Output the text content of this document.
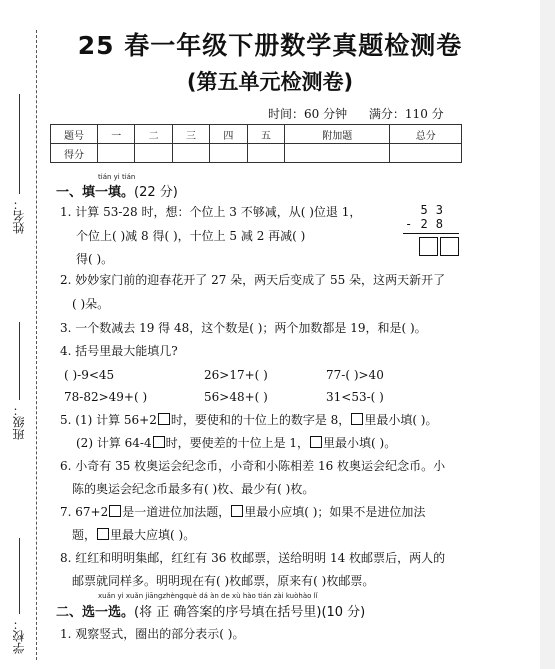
姓名：
班级：
学校：
25 春一年级下册数学真题检测卷
(第五单元检测卷)
时间：60 分钟 满分：110 分
题号	一	二	三	四	五	附加题	总分
得分							
tián yi tián
一、填一填。(22 分)
53
- 28
1. 计算 53-28 时，想：个位上 3 不够减，从( )位退 1，
个位上( )减 8 得( )，十位上 5 减 2 再减( )
得( )。
2. 妙妙家门前的迎春花开了 27 朵，两天后变成了 55 朵，这两天新开了
( )朵。
3. 一个数减去 19 得 48，这个数是( )；两个加数都是 19，和是( )。
4. 括号里最大能填几?
( )-9<45	26>17+( )	77-( )>40
78-82>49+( )	56>48+( )	31<53-( )
5. (1) 计算 56+2 时，要使和的十位上的数字是 8， 里最小填( )。
(2) 计算 64-4 时，要使差的十位上是 1， 里最小填( )。
6. 小奇有 35 枚奥运会纪念币，小奇和小陈相差 16 枚奥运会纪念币。小
陈的奥运会纪念币最多有( )枚、最少有( )枚。
7. 67+2 是一道进位加法题， 里最小应填( )；如果不是进位加法
题， 里最大应填( )。
8. 红红和明明集邮，红红有 36 枚邮票，送给明明 14 枚邮票后，两人的
邮票就同样多。明明现在有( )枚邮票，原来有( )枚邮票。
xuǎn yi xuǎn jiāngzhèngquè dá àn de xù hào tián zài kuòhào lǐ
二、选一选。(将 正 确答案的序号填在括号里)(10 分)
1. 观察竖式，圈出的部分表示( )。
